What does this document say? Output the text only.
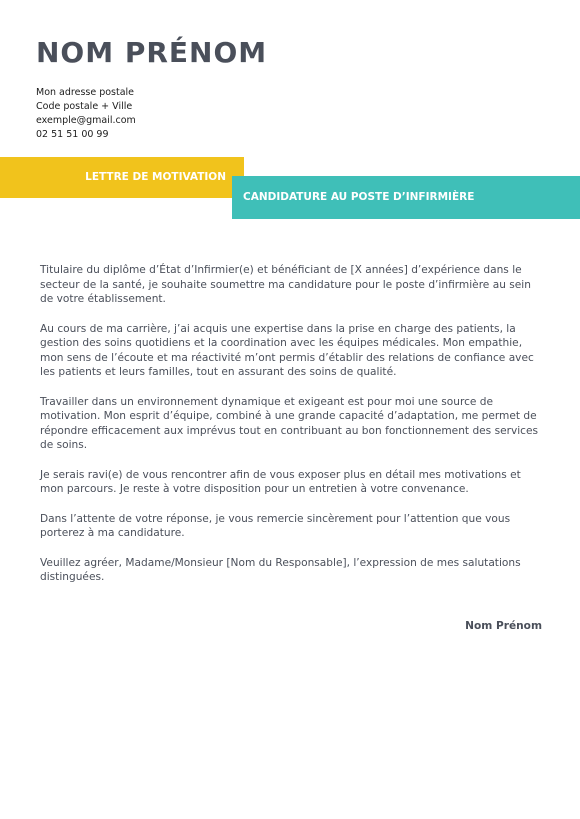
NOM PRÉNOM
Mon adresse postale
Code postale + Ville
exemple@gmail.com
02 51 51 00 99
LETTRE DE MOTIVATION
CANDIDATURE AU POSTE D’INFIRMIÈRE

Titulaire du diplôme d’État d’Infirmier(e) et bénéficiant de [X années] d’expérience dans le secteur de la santé, je souhaite soumettre ma candidature pour le poste d’infirmière au sein de votre établissement.

Au cours de ma carrière, j’ai acquis une expertise dans la prise en charge des patients, la gestion des soins quotidiens et la coordination avec les équipes médicales. Mon empathie, mon sens de l’écoute et ma réactivité m’ont permis d’établir des relations de confiance avec les patients et leurs familles, tout en assurant des soins de qualité.

Travailler dans un environnement dynamique et exigeant est pour moi une source de motivation. Mon esprit d’équipe, combiné à une grande capacité d’adaptation, me permet de répondre efficacement aux imprévus tout en contribuant au bon fonctionnement des services de soins.

Je serais ravi(e) de vous rencontrer afin de vous exposer plus en détail mes motivations et mon parcours. Je reste à votre disposition pour un entretien à votre convenance.

Dans l’attente de votre réponse, je vous remercie sincèrement pour l’attention que vous porterez à ma candidature.

Veuillez agréer, Madame/Monsieur [Nom du Responsable], l’expression de mes salutations distinguées.

Nom Prénom
